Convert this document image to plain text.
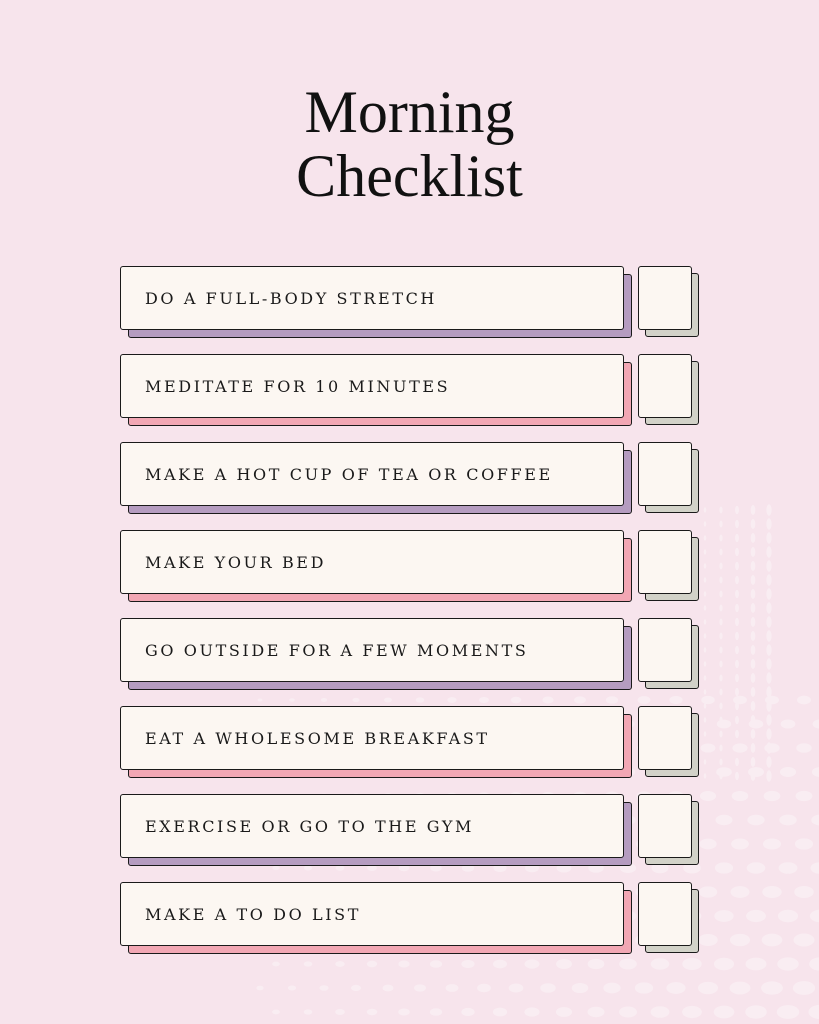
Morning
Checklist
DO A FULL-BODY STRETCH
MEDITATE FOR 10 MINUTES
MAKE A HOT CUP OF TEA OR COFFEE
MAKE YOUR BED
GO OUTSIDE FOR A FEW MOMENTS
EAT A WHOLESOME BREAKFAST
EXERCISE OR GO TO THE GYM
MAKE A TO DO LIST
